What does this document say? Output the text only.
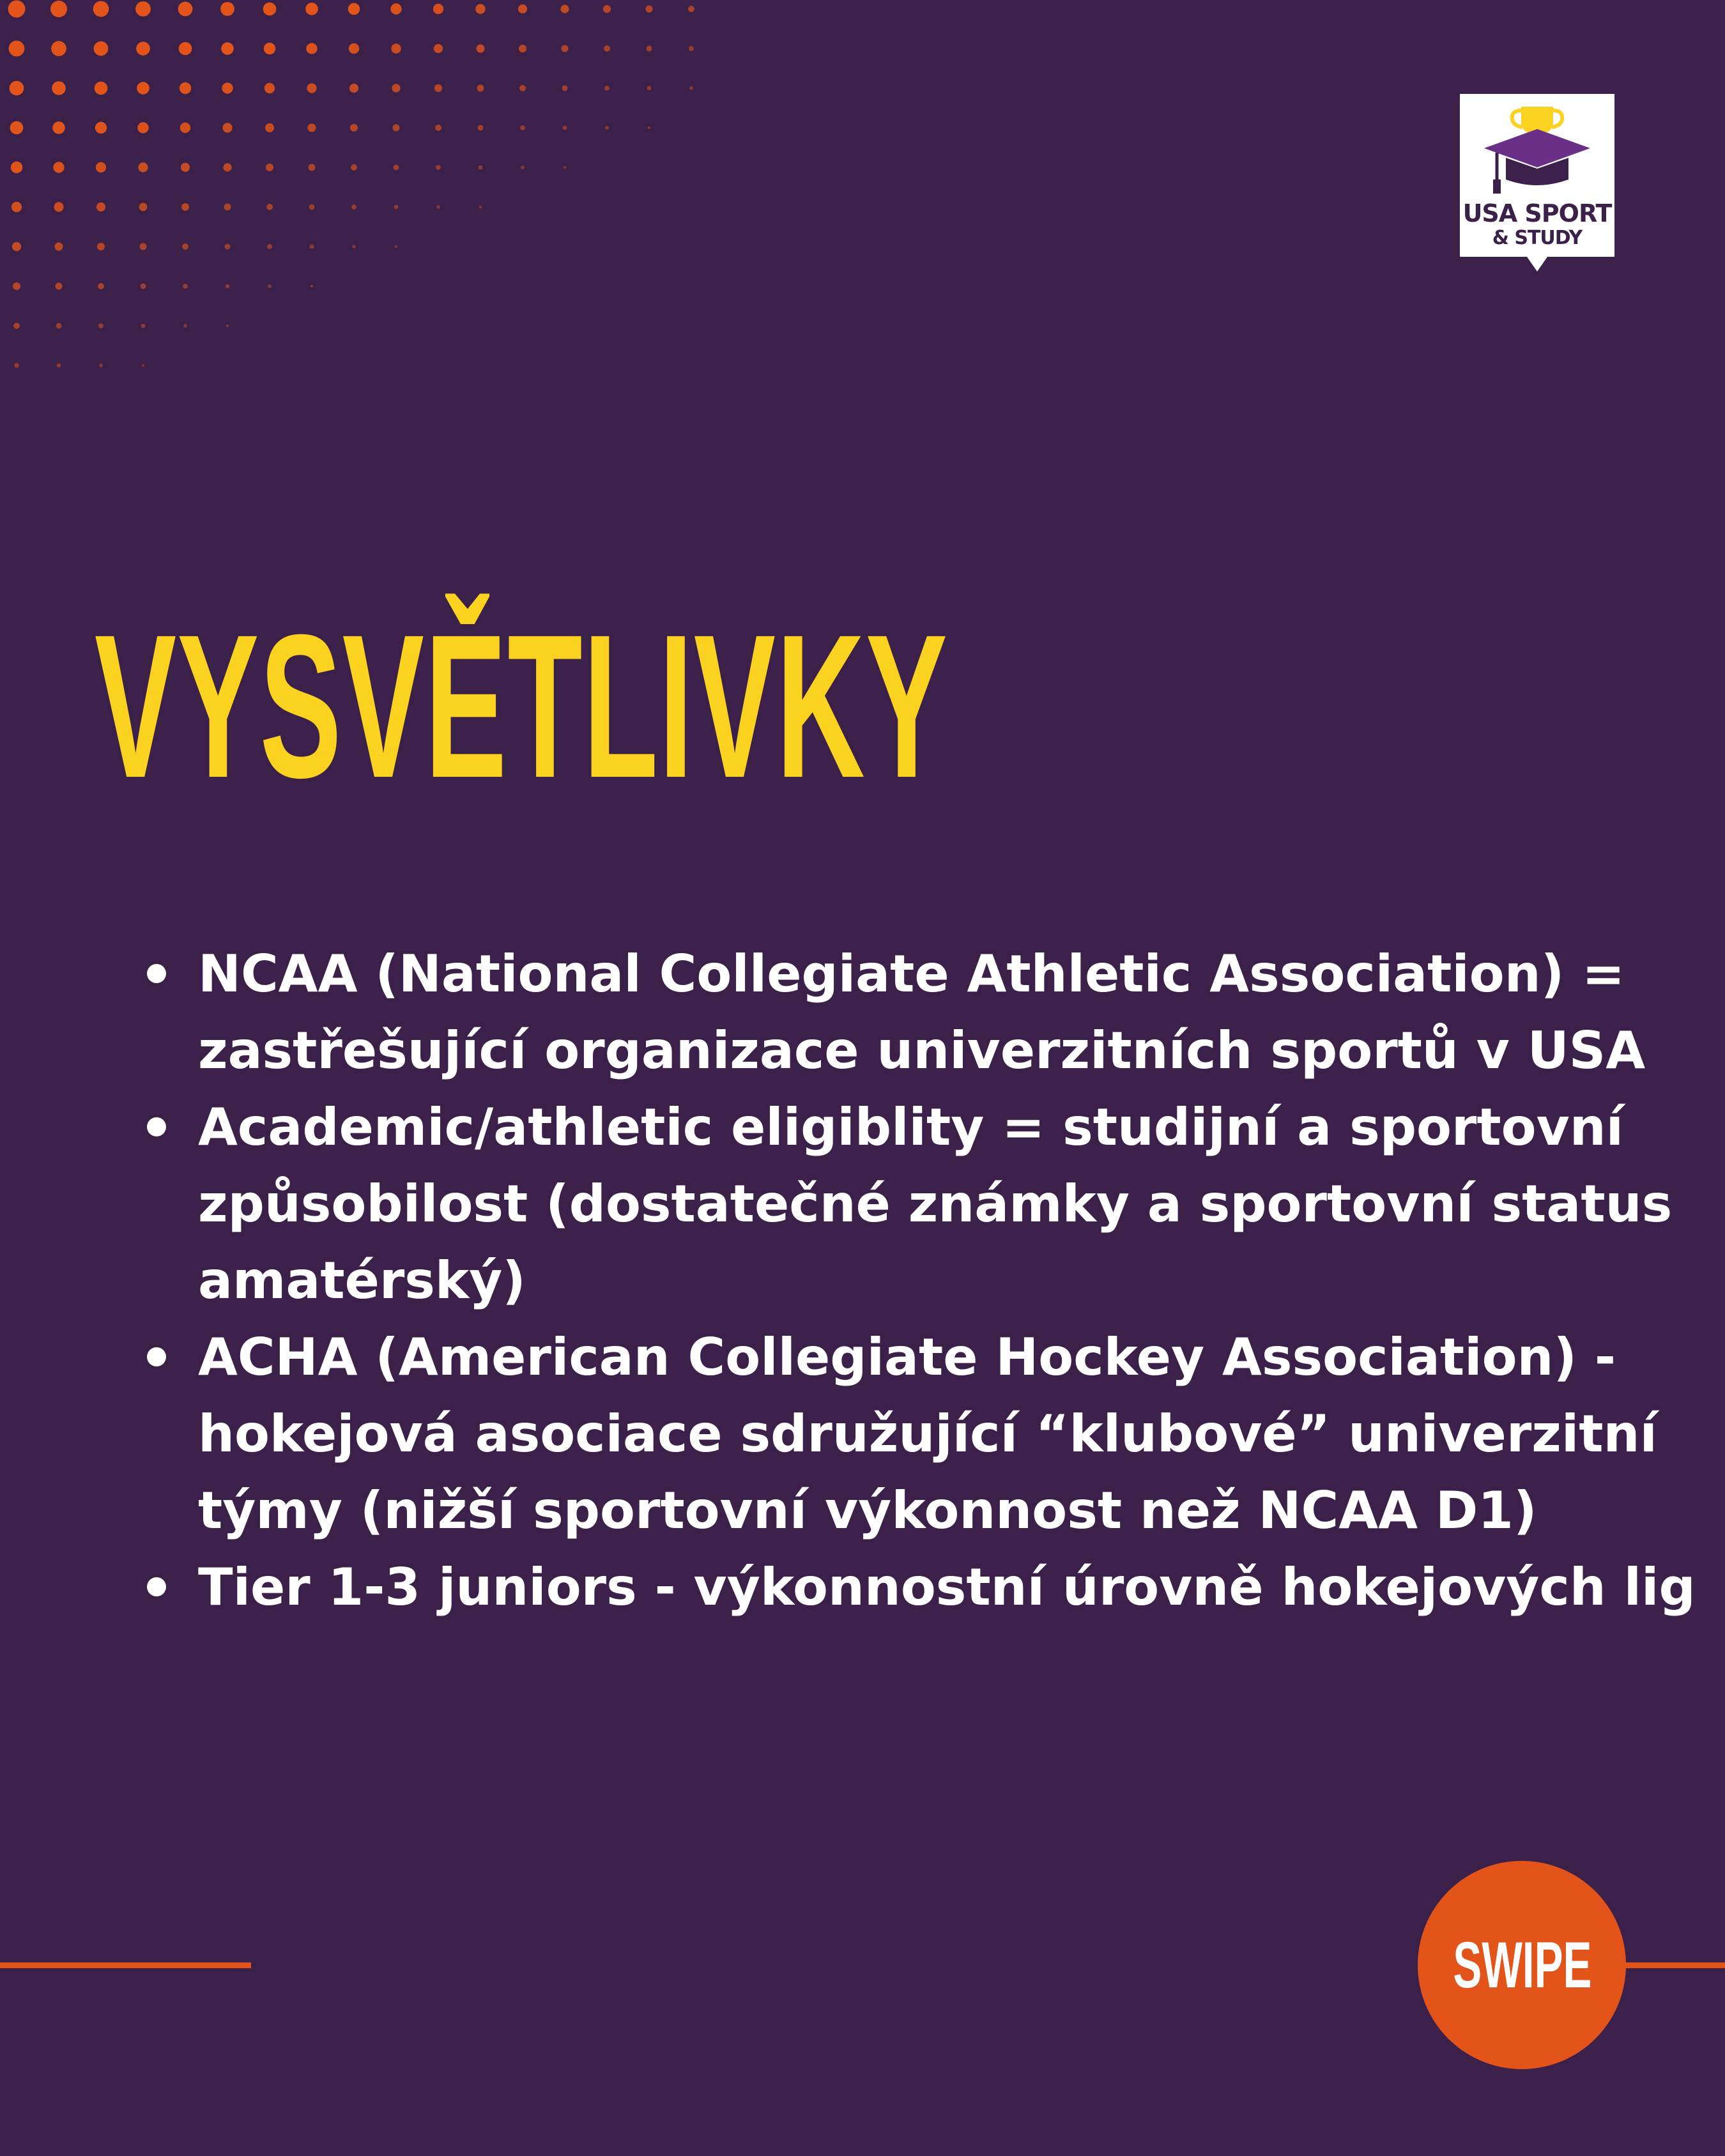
USA SPORT
& STUDY
VYSVĚTLIVKY
NCAA (National Collegiate Athletic Association) = zastřešující organizace univerzitních sportů v USA
Academic/athletic eligiblity = studijní a sportovní způsobilost (dostatečné známky a sportovní status amatérský)
ACHA (American Collegiate Hockey Association) - hokejová asociace sdružující “klubové” univerzitní týmy (nižší sportovní výkonnost než NCAA D1)
Tier 1-3 juniors - výkonnostní úrovně hokejových lig
SWIPE
